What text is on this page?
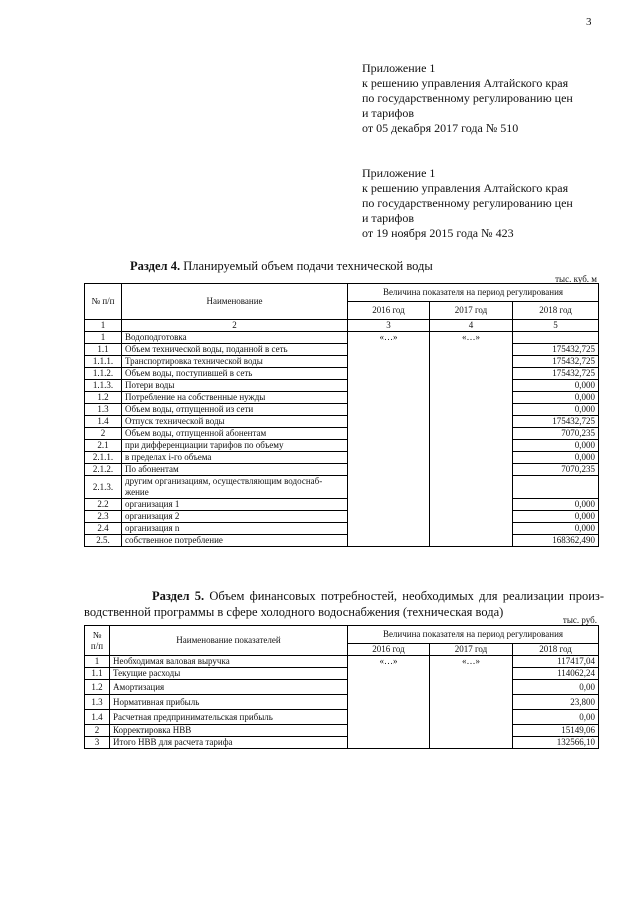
3
Приложение 1
к решению управления Алтайского края
по государственному регулированию цен
и тарифов
от 05 декабря 2017 года № 510
Приложение 1
к решению управления Алтайского края
по государственному регулированию цен
и тарифов
от 19 ноября 2015 года № 423
Раздел 4. Планируемый объем подачи технической воды
тыс. куб. м
№ п/п	Наименование	Величина показателя на период регулирования		
		2016 год	2017 год	2018 год
1	2	3	4	5
1	Водоподготовка	«…»	«…»	
1.1	Объем технической воды, поданной в сеть			175432,725
1.1.1.	Транспортировка технической воды			175432,725
1.1.2.	Объем воды, поступившей в сеть			175432,725
1.1.3.	Потери воды			0,000
1.2	Потребление на собственные нужды			0,000
1.3	Объем воды, отпущенной из сети			0,000
1.4	Отпуск технической воды			175432,725
2	Объем воды, отпущенной абонентам			7070,235
2.1	при дифференциации тарифов по объему			0,000
2.1.1.	в пределах i-го объема			0,000
2.1.2.	По абонентам			7070,235
2.1.3.	другим организациям, осуществляющим водоснаб-жение			
2.2	организация 1			0,000
2.3	организация 2			0,000
2.4	организация n			0,000
2.5.	собственное потребление			168362,490
Раздел 5. Объем финансовых потребностей, необходимых для реализации произ-водственной программы в сфере холодного водоснабжения (техническая вода)
тыс. руб.
№ п/п	Наименование показателей	Величина показателя на период регулирования		
		2016 год	2017 год	2018 год
1	Необходимая валовая выручка	«…»	«…»	117417,04
1.1	Текущие расходы			114062,24
1.2	Амортизация			0,00
1.3	Нормативная прибыль			23,800
1.4	Расчетная предпринимательская прибыль			0,00
2	Корректировка НВВ			15149,06
3	Итого НВВ для расчета тарифа			132566,10
